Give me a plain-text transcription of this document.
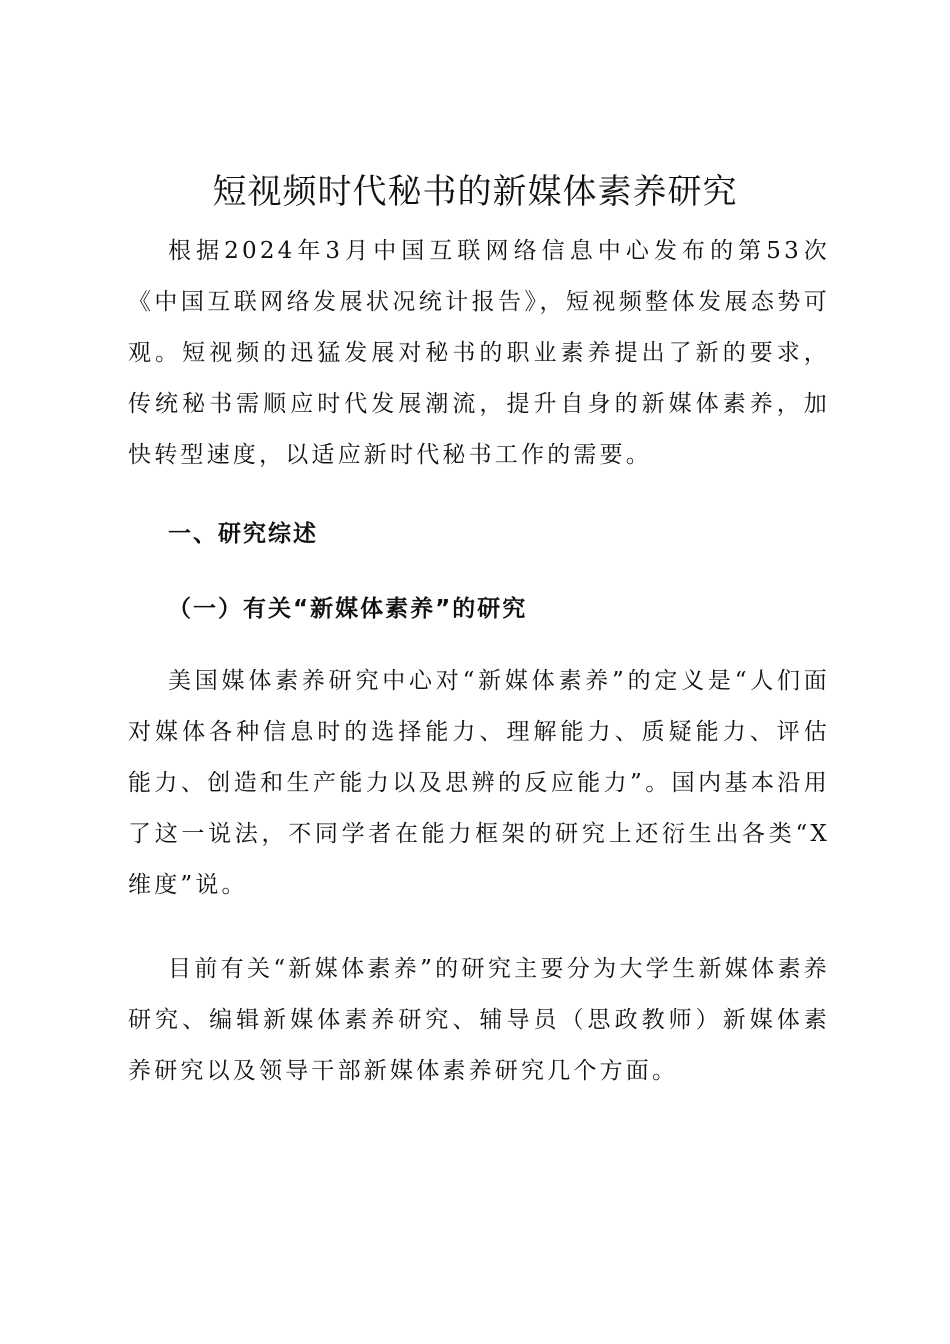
短视频时代秘书的新媒体素养研究

根据2024年3月中国互联网络信息中心发布的第53次《中国互联网络发展状况统计报告》，短视频整体发展态势可观。短视频的迅猛发展对秘书的职业素养提出了新的要求，传统秘书需顺应时代发展潮流，提升自身的新媒体素养，加快转型速度，以适应新时代秘书工作的需要。

一、研究综述
（一）有关“新媒体素养”的研究

美国媒体素养研究中心对“新媒体素养”的定义是“人们面对媒体各种信息时的选择能力、理解能力、质疑能力、评估能力、创造和生产能力以及思辨的反应能力”。国内基本沿用了这一说法，不同学者在能力框架的研究上还衍生出各类“X维度”说。

目前有关“新媒体素养”的研究主要分为大学生新媒体素养研究、编辑新媒体素养研究、辅导员（思政教师）新媒体素养研究以及领导干部新媒体素养研究几个方面。
